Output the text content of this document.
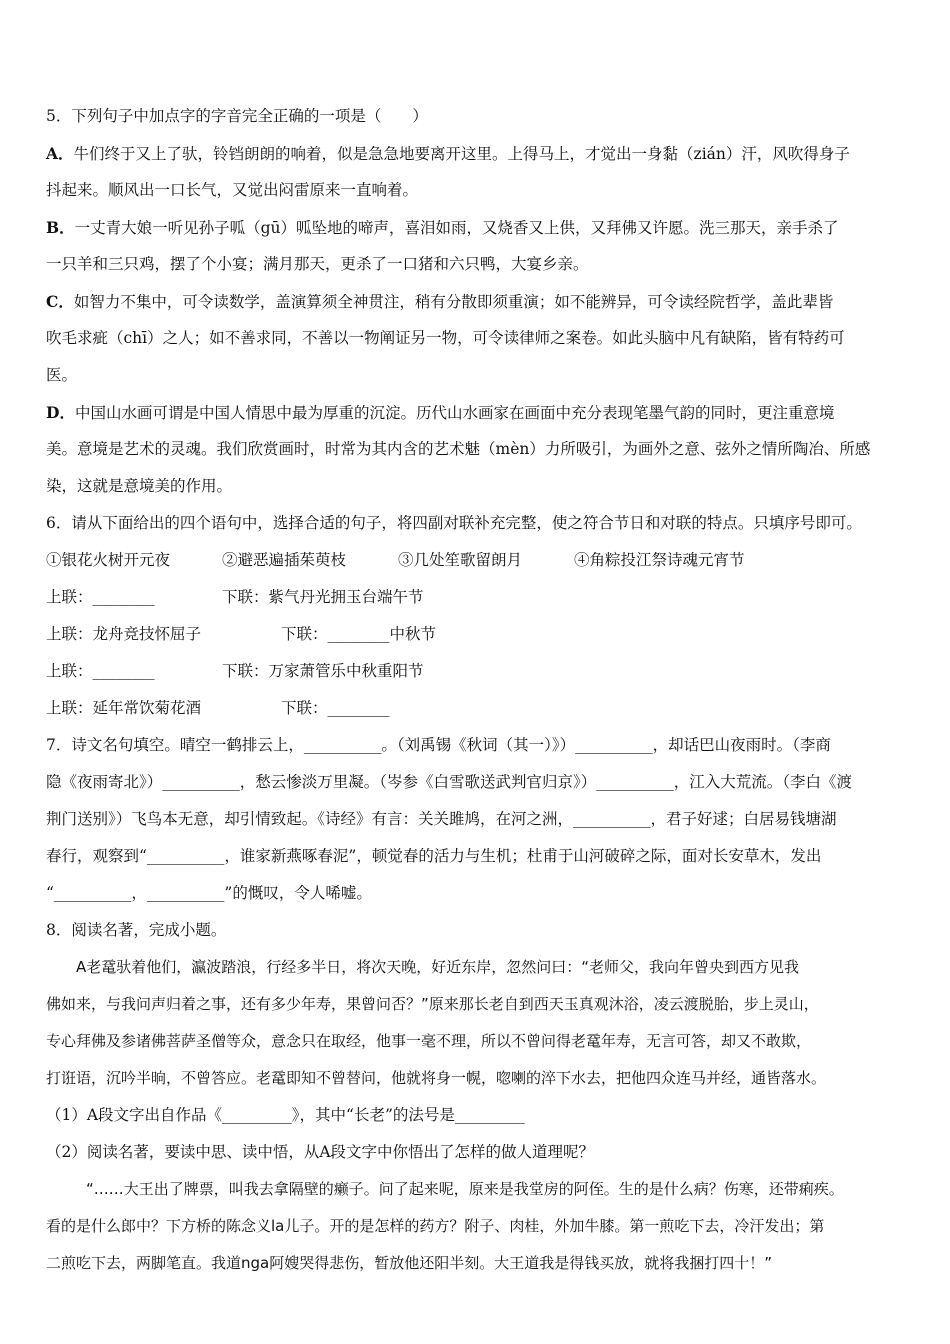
5．下列句子中加点字的字音完全正确的一项是（　　）
A．牛们终于又上了驮，铃铛朗朗的响着，似是急急地要离开这里。上得马上，才觉出一身黏（zián）汗，风吹得身子
抖起来。顺风出一口长气，又觉出闷雷原来一直响着。
B．一丈青大娘一听见孙子呱（gū）呱坠地的啼声，喜泪如雨，又烧香又上供，又拜佛又许愿。洗三那天，亲手杀了
一只羊和三只鸡，摆了个小宴；满月那天，更杀了一口猪和六只鸭，大宴乡亲。
C．如智力不集中，可令读数学，盖演算须全神贯注，稍有分散即须重演；如不能辨异，可令读经院哲学，盖此辈皆
吹毛求疵（chī）之人；如不善求同，不善以一物阐证另一物，可令读律师之案卷。如此头脑中凡有缺陷，皆有特药可
医。
D．中国山水画可谓是中国人情思中最为厚重的沉淀。历代山水画家在画面中充分表现笔墨气韵的同时，更注重意境
美。意境是艺术的灵魂。我们欣赏画时，时常为其内含的艺术魅（mèn）力所吸引，为画外之意、弦外之情所陶冶、所感
染，这就是意境美的作用。
6．请从下面给出的四个语句中，选择合适的句子，将四副对联补充完整，使之符合节日和对联的特点。只填序号即可。
①银花火树开元夜	②避恶遍插茱萸枝	③几处笙歌留朗月	④角粽投江祭诗魂元宵节
上联：________	下联：紫气丹光拥玉台端午节
上联：龙舟竞技怀屈子	下联：________中秋节
上联：________	下联：万家萧管乐中秋重阳节
上联：延年常饮菊花酒	下联：________
7．诗文名句填空。晴空一鹤排云上，__________。（刘禹锡《秋词（其一）》）__________，却话巴山夜雨时。（李商
隐《夜雨寄北》）__________，愁云惨淡万里凝。（岑参《白雪歌送武判官归京》）__________，江入大荒流。（李白《渡
荆门送别》）飞鸟本无意，却引情致起。《诗经》有言：关关雎鸠，在河之洲，__________，君子好逑；白居易钱塘湖
春行，观察到“__________，谁家新燕啄春泥”，顿觉春的活力与生机；杜甫于山河破碎之际，面对长安草木，发出
“__________，__________”的慨叹，令人唏嘘。
8．阅读名著，完成小题。
A老鼋驮着他们，瀛波踏浪，行经多半日，将次天晚，好近东岸，忽然问曰：“老师父，我向年曾央到西方见我
佛如来，与我问声归着之事，还有多少年寿，果曾问否？”原来那长老自到西天玉真观沐浴，凌云渡脱胎，步上灵山，
专心拜佛及参诸佛菩萨圣僧等众，意念只在取经，他事一毫不理，所以不曾问得老鼋年寿，无言可答，却又不敢欺，
打诳语，沉吟半晌，不曾答应。老鼋即知不曾替问，他就将身一幌，唿喇的淬下水去，把他四众连马并经，通皆落水。
（1）A段文字出自作品《_________》，其中“长老”的法号是_________
（2）阅读名著，要读中思、读中悟，从A段文字中你悟出了怎样的做人道理呢？
“……大王出了牌票，叫我去拿隔壁的癞子。问了起来呢，原来是我堂房的阿侄。生的是什么病？伤寒，还带痢疾。
看的是什么郎中？下方桥的陈念义la儿子。开的是怎样的药方？附子、肉桂，外加牛膝。第一煎吃下去，冷汗发出；第
二煎吃下去，两脚笔直。我道nga阿嫂哭得悲伤，暂放他还阳半刻。大王道我是得钱买放，就将我捆打四十！”
